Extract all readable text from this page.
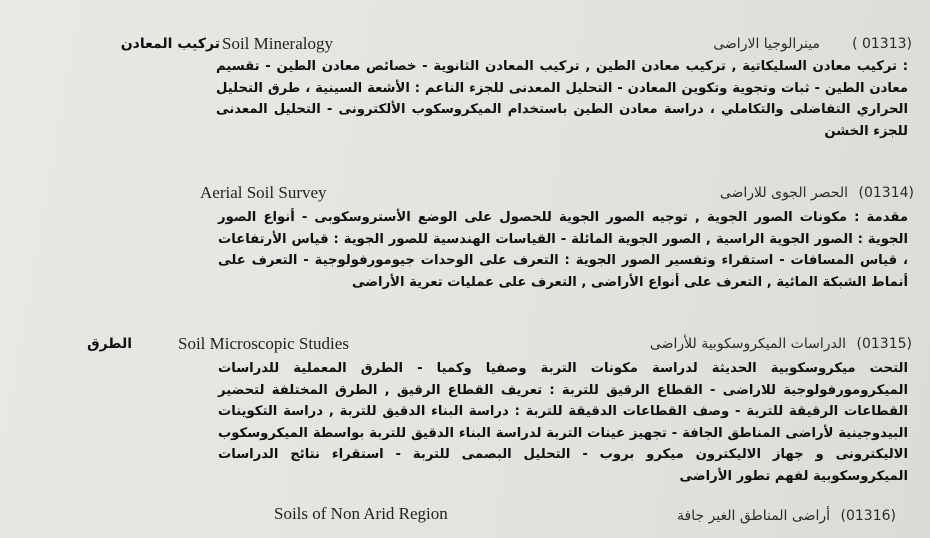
( 01313)
مينرالوجيا الاراضى
Soil Mineralogy
تركيب المعادن
: تركيب معادن السليكاتية , تركيب معادن الطين , تركيب المعادن الثانوية - خصائص معادن الطين - تقسيم معادن الطين - ثبات وتجوية وتكوين المعادن - التحليل المعدنى للجزء الناعم : الأشعة السينية ، طرق التحليل الحراري التفاضلى والتكاملي ، دراسة معادن الطين باستخدام الميكروسكوب الألكترونى - التحليل المعدنى للجزء الخشن
(01314)
الحصر الجوى للاراضى
Aerial Soil Survey
مقدمة : مكونات الصور الجوية , توجيه الصور الجوية للحصول على الوضع الأستروسكوبى - أنواع الصور الجوية : الصور الجوية الراسية , الصور الجوية المائلة - القياسات الهندسية للصور الجوية : قياس الأرتفاعات ، قياس المسافات - استقراء وتفسير الصور الجوية : التعرف على الوحدات جيومورفولوجية - التعرف على أنماط الشبكة المائية , التعرف على أنواع الأراضى , التعرف على عمليات تعرية الأراضى
(01315)
الدراسات الميكروسكوبية للأراضى
Soil Microscopic Studies
الطرق
التحت ميكروسكوبية الحديثة لدراسة مكونات التربة وصفيا وكميا - الطرق المعملية للدراسات الميكرومورفولوجية للاراضى - القطاع الرقيق للتربة : تعريف القطاع الرقيق , الطرق المختلفة لتحضير القطاعات الرقيقة للتربة - وصف القطاعات الدقيقة للتربة : دراسة البناء الدقيق للتربة , دراسة التكوينات البيدوجينية لأراضى المناطق الجافة - تجهيز عينات التربة لدراسة البناء الدقيق للتربة بواسطة الميكروسكوب الاليكترونى و جهاز الاليكترون ميكرو بروب - التحليل البصمى للتربة - استقراء نتائج الدراسات الميكروسكوبية لفهم تطور الأراضى
(01316)
أراضى المناطق الغير جافة
Soils of Non Arid Region
